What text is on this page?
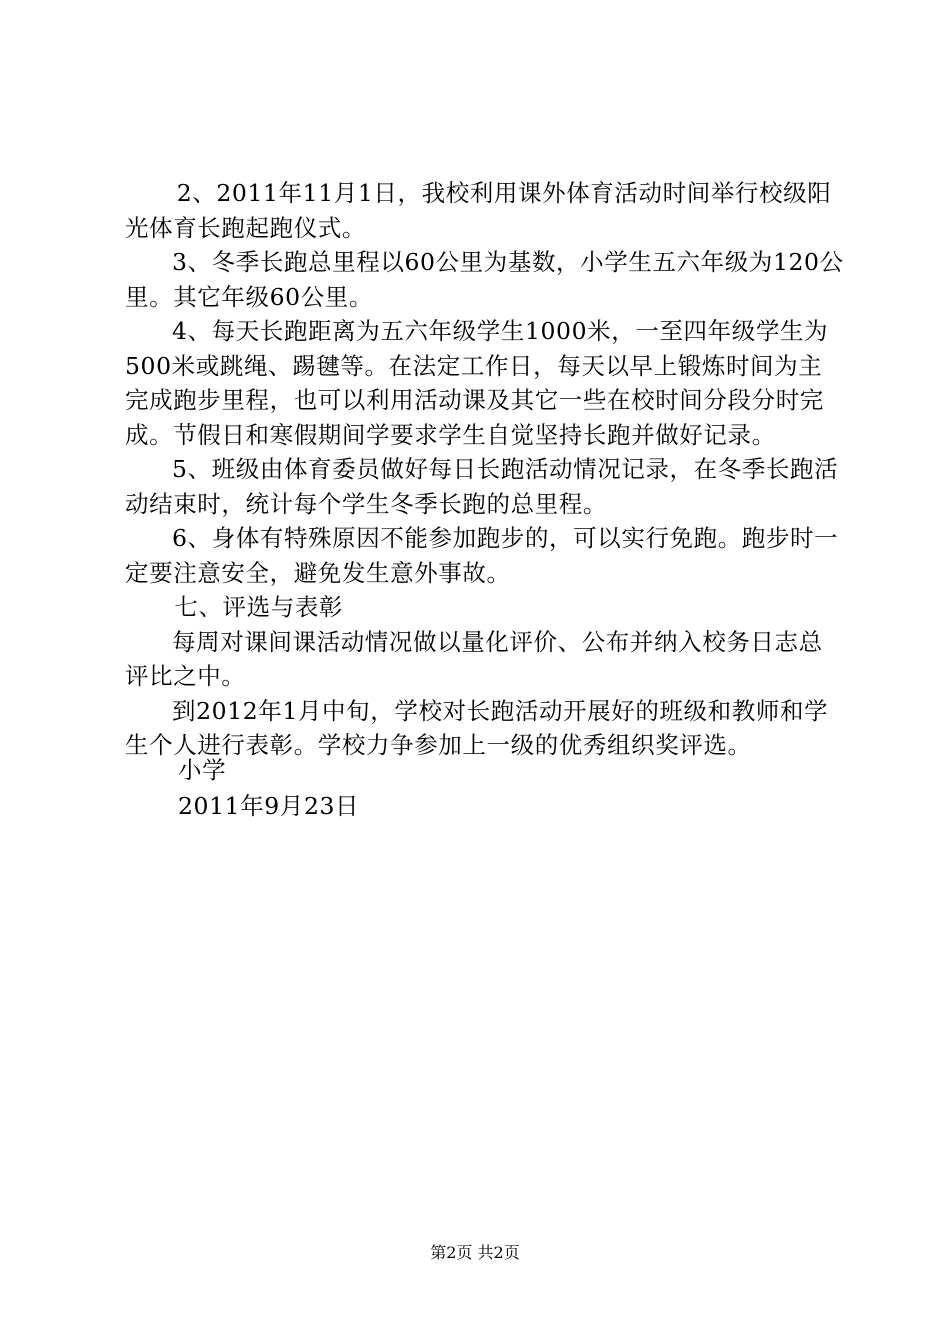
2、2011年11月1日，我校利用课外体育活动时间举行校级阳光体育长跑起跑仪式。

3、冬季长跑总里程以60公里为基数，小学生五六年级为120公里。其它年级60公里。

4、每天长跑距离为五六年级学生1000米，一至四年级学生为500米或跳绳、踢毽等。在法定工作日，每天以早上锻炼时间为主完成跑步里程，也可以利用活动课及其它一些在校时间分段分时完成。节假日和寒假期间学要求学生自觉坚持长跑并做好记录。

5、班级由体育委员做好每日长跑活动情况记录，在冬季长跑活动结束时，统计每个学生冬季长跑的总里程。

6、身体有特殊原因不能参加跑步的，可以实行免跑。跑步时一定要注意安全，避免发生意外事故。

七、评选与表彰

每周对课间课活动情况做以量化评价、公布并纳入校务日志总评比之中。

到2012年1月中旬，学校对长跑活动开展好的班级和教师和学生个人进行表彰。学校力争参加上一级的优秀组织奖评选。

小学
2011年9月23日
第2页 共2页
